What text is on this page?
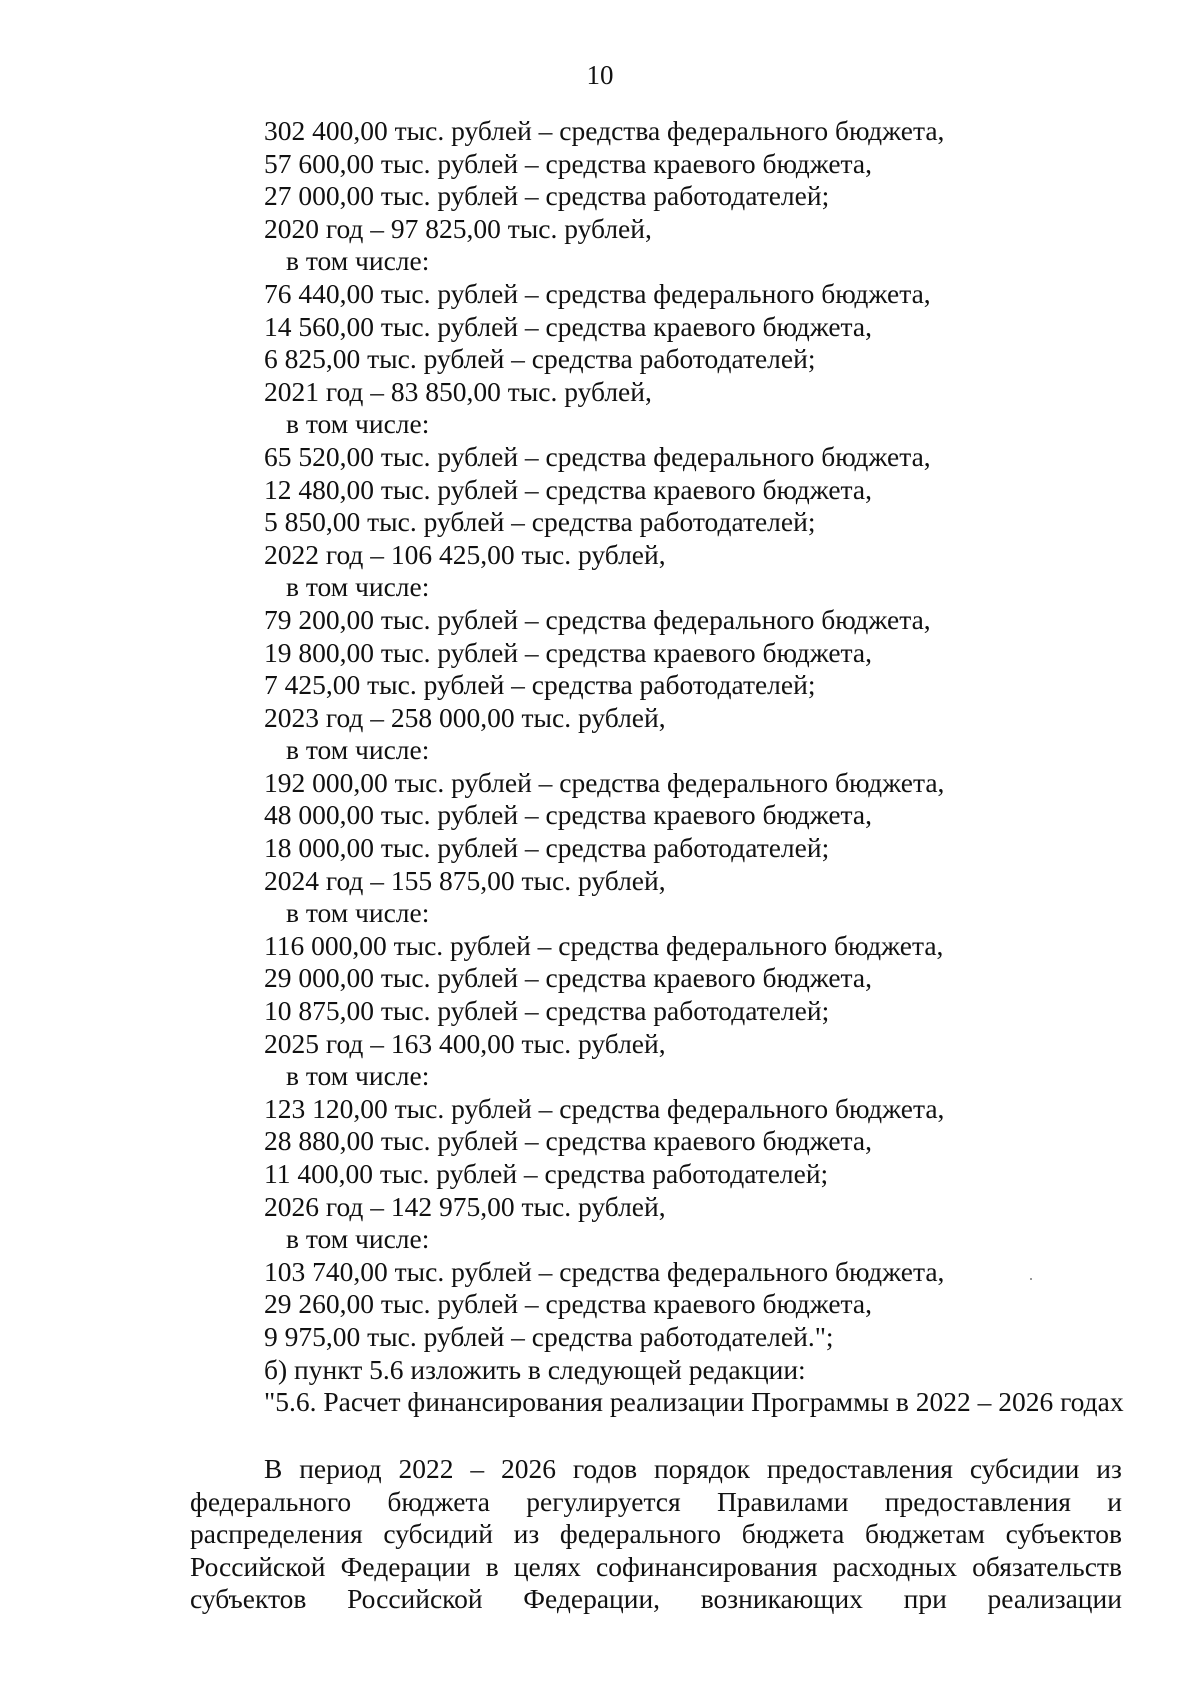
10
302 400,00 тыс. рублей – средства федерального бюджета,
57 600,00 тыс. рублей – средства краевого бюджета,
27 000,00 тыс. рублей – средства работодателей;
2020 год – 97 825,00 тыс. рублей,
в том числе:
76 440,00 тыс. рублей – средства федерального бюджета,
14 560,00 тыс. рублей – средства краевого бюджета,
6 825,00 тыс. рублей – средства работодателей;
2021 год – 83 850,00 тыс. рублей,
в том числе:
65 520,00 тыс. рублей – средства федерального бюджета,
12 480,00 тыс. рублей – средства краевого бюджета,
5 850,00 тыс. рублей – средства работодателей;
2022 год – 106 425,00 тыс. рублей,
в том числе:
79 200,00 тыс. рублей – средства федерального бюджета,
19 800,00 тыс. рублей – средства краевого бюджета,
7 425,00 тыс. рублей – средства работодателей;
2023 год – 258 000,00 тыс. рублей,
в том числе:
192 000,00 тыс. рублей – средства федерального бюджета,
48 000,00 тыс. рублей – средства краевого бюджета,
18 000,00 тыс. рублей – средства работодателей;
2024 год – 155 875,00 тыс. рублей,
в том числе:
116 000,00 тыс. рублей – средства федерального бюджета,
29 000,00 тыс. рублей – средства краевого бюджета,
10 875,00 тыс. рублей – средства работодателей;
2025 год – 163 400,00 тыс. рублей,
в том числе:
123 120,00 тыс. рублей – средства федерального бюджета,
28 880,00 тыс. рублей – средства краевого бюджета,
11 400,00 тыс. рублей – средства работодателей;
2026 год – 142 975,00 тыс. рублей,
в том числе:
103 740,00 тыс. рублей – средства федерального бюджета,
29 260,00 тыс. рублей – средства краевого бюджета,
9 975,00 тыс. рублей – средства работодателей.";
б) пункт 5.6 изложить в следующей редакции:
"5.6. Расчет финансирования реализации Программы в 2022 – 2026 годах
В период 2022 – 2026 годов порядок предоставления субсидии из
федерального бюджета регулируется Правилами предоставления и
распределения субсидий из федерального бюджета бюджетам субъектов
Российской Федерации в целях софинансирования расходных обязательств
субъектов Российской Федерации, возникающих при реализации
